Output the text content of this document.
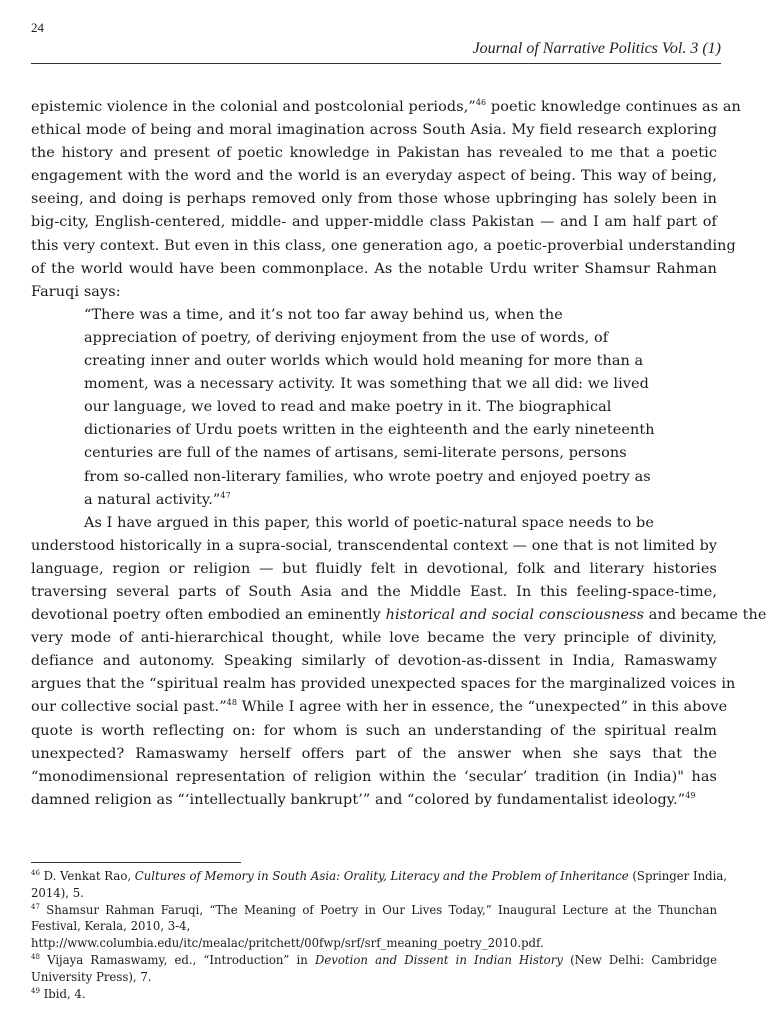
24
Journal of Narrative Politics Vol. 3 (1)
epistemic violence in the colonial and postcolonial periods,”$^{46}$ poetic knowledge continues as an
ethical mode of being and moral imagination across South Asia. My field research exploring
the history and present of poetic knowledge in Pakistan has revealed to me that a poetic
engagement with the word and the world is an everyday aspect of being. This way of being,
seeing, and doing is perhaps removed only from those whose upbringing has solely been in
big-city, English-centered, middle- and upper-middle class Pakistan — and I am half part of
this very context. But even in this class, one generation ago, a poetic-proverbial understanding
of the world would have been commonplace. As the notable Urdu writer Shamsur Rahman
Faruqi says:
“There was a time, and it’s not too far away behind us, when the
appreciation of poetry, of deriving enjoyment from the use of words, of
creating inner and outer worlds which would hold meaning for more than a
moment, was a necessary activity. It was something that we all did: we lived
our language, we loved to read and make poetry in it. The biographical
dictionaries of Urdu poets written in the eighteenth and the early nineteenth
centuries are full of the names of artisans, semi-literate persons, persons
from so-called non-literary families, who wrote poetry and enjoyed poetry as
a natural activity.”$^{47}$
As I have argued in this paper, this world of poetic-natural space needs to be
understood historically in a supra-social, transcendental context — one that is not limited by
language, region or religion — but fluidly felt in devotional, folk and literary histories
traversing several parts of South Asia and the Middle East. In this feeling-space-time,
devotional poetry often embodied an eminently historical and social consciousness and became the
very mode of anti-hierarchical thought, while love became the very principle of divinity,
defiance and autonomy. Speaking similarly of devotion-as-dissent in India, Ramaswamy
argues that the “spiritual realm has provided unexpected spaces for the marginalized voices in
our collective social past.”$^{48}$ While I agree with her in essence, the “unexpected” in this above
quote is worth reflecting on: for whom is such an understanding of the spiritual realm
unexpected? Ramaswamy herself offers part of the answer when she says that the
“monodimensional representation of religion within the ‘secular’ tradition (in India)" has
damned religion as “‘intellectually bankrupt’” and “colored by fundamentalist ideology.”$^{49}$
$^{46}$ D. Venkat Rao, Cultures of Memory in South Asia: Orality, Literacy and the Problem of Inheritance (Springer India,
2014), 5.
$^{47}$ Shamsur Rahman Faruqi, “The Meaning of Poetry in Our Lives Today,” Inaugural Lecture at the Thunchan
Festival, Kerala, 2010, 3-4,
http://www.columbia.edu/itc/mealac/pritchett/00fwp/srf/srf_meaning_poetry_2010.pdf.
$^{48}$ Vijaya Ramaswamy, ed., “Introduction” in Devotion and Dissent in Indian History (New Delhi: Cambridge
University Press), 7.
$^{49}$ Ibid, 4.
